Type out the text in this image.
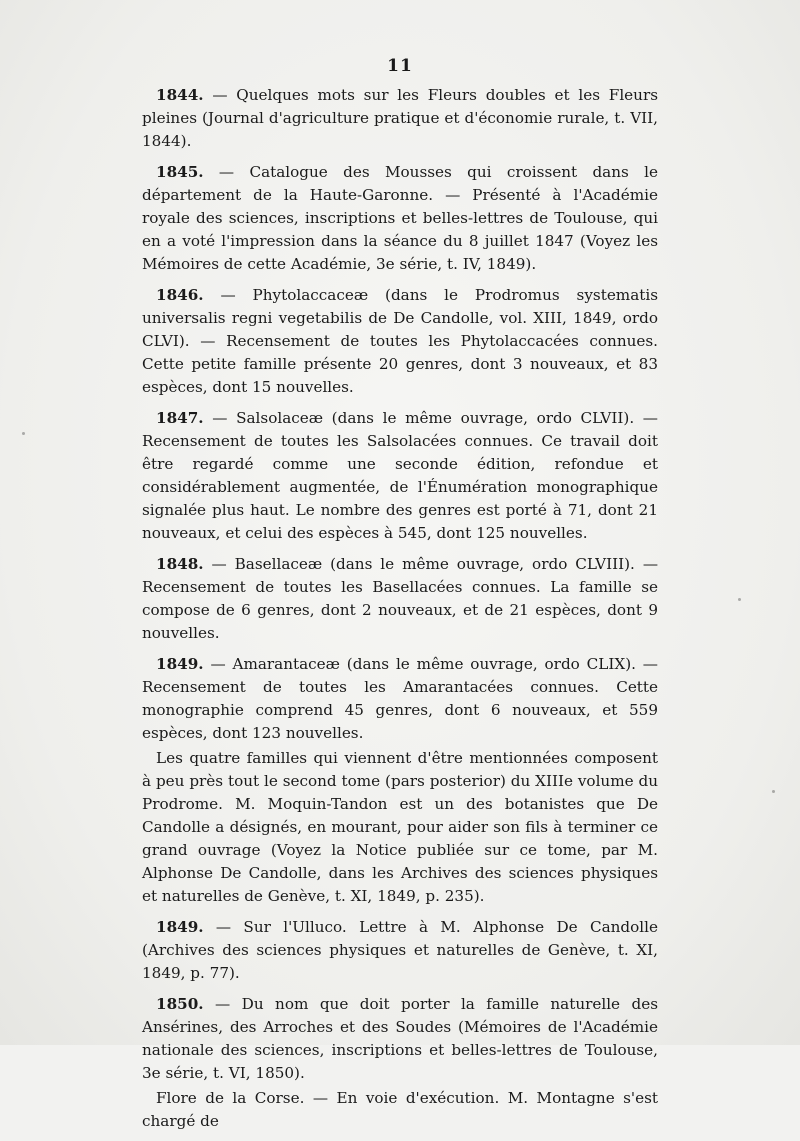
11

1844. — Quelques mots sur les Fleurs doubles et les Fleurs pleines (Journal d'agriculture pratique et d'économie rurale, t. VII, 1844).

1845. — Catalogue des Mousses qui croissent dans le département de la Haute-Garonne. — Présenté à l'Académie royale des sciences, inscriptions et belles-lettres de Toulouse, qui en a voté l'impression dans la séance du 8 juillet 1847 (Voyez les Mémoires de cette Académie, 3e série, t. IV, 1849).

1846. — Phytolaccaceæ (dans le Prodromus systematis universalis regni vegetabilis de De Candolle, vol. XIII, 1849, ordo CLVI). — Recensement de toutes les Phytolaccacées connues. Cette petite famille présente 20 genres, dont 3 nouveaux, et 83 espèces, dont 15 nouvelles.

1847. — Salsolaceæ (dans le même ouvrage, ordo CLVII). — Recensement de toutes les Salsolacées connues. Ce travail doit être regardé comme une seconde édition, refondue et considérablement augmentée, de l'Énumération monographique signalée plus haut. Le nombre des genres est porté à 71, dont 21 nouveaux, et celui des espèces à 545, dont 125 nouvelles.

1848. — Basellaceæ (dans le même ouvrage, ordo CLVIII). — Recensement de toutes les Basellacées connues. La famille se compose de 6 genres, dont 2 nouveaux, et de 21 espèces, dont 9 nouvelles.

1849. — Amarantaceæ (dans le même ouvrage, ordo CLIX). — Recensement de toutes les Amarantacées connues. Cette monographie comprend 45 genres, dont 6 nouveaux, et 559 espèces, dont 123 nouvelles.

Les quatre familles qui viennent d'être mentionnées composent à peu près tout le second tome (pars posterior) du XIIIe volume du Prodrome. M. Moquin-Tandon est un des botanistes que De Candolle a désignés, en mourant, pour aider son fils à terminer ce grand ouvrage (Voyez la Notice publiée sur ce tome, par M. Alphonse De Candolle, dans les Archives des sciences physiques et naturelles de Genève, t. XI, 1849, p. 235).

1849. — Sur l'Ulluco. Lettre à M. Alphonse De Candolle (Archives des sciences physiques et naturelles de Genève, t. XI, 1849, p. 77).

1850. — Du nom que doit porter la famille naturelle des Ansérines, des Arroches et des Soudes (Mémoires de l'Académie nationale des sciences, inscriptions et belles-lettres de Toulouse, 3e série, t. VI, 1850).

Flore de la Corse. — En voie d'exécution. M. Montagne s'est chargé de
